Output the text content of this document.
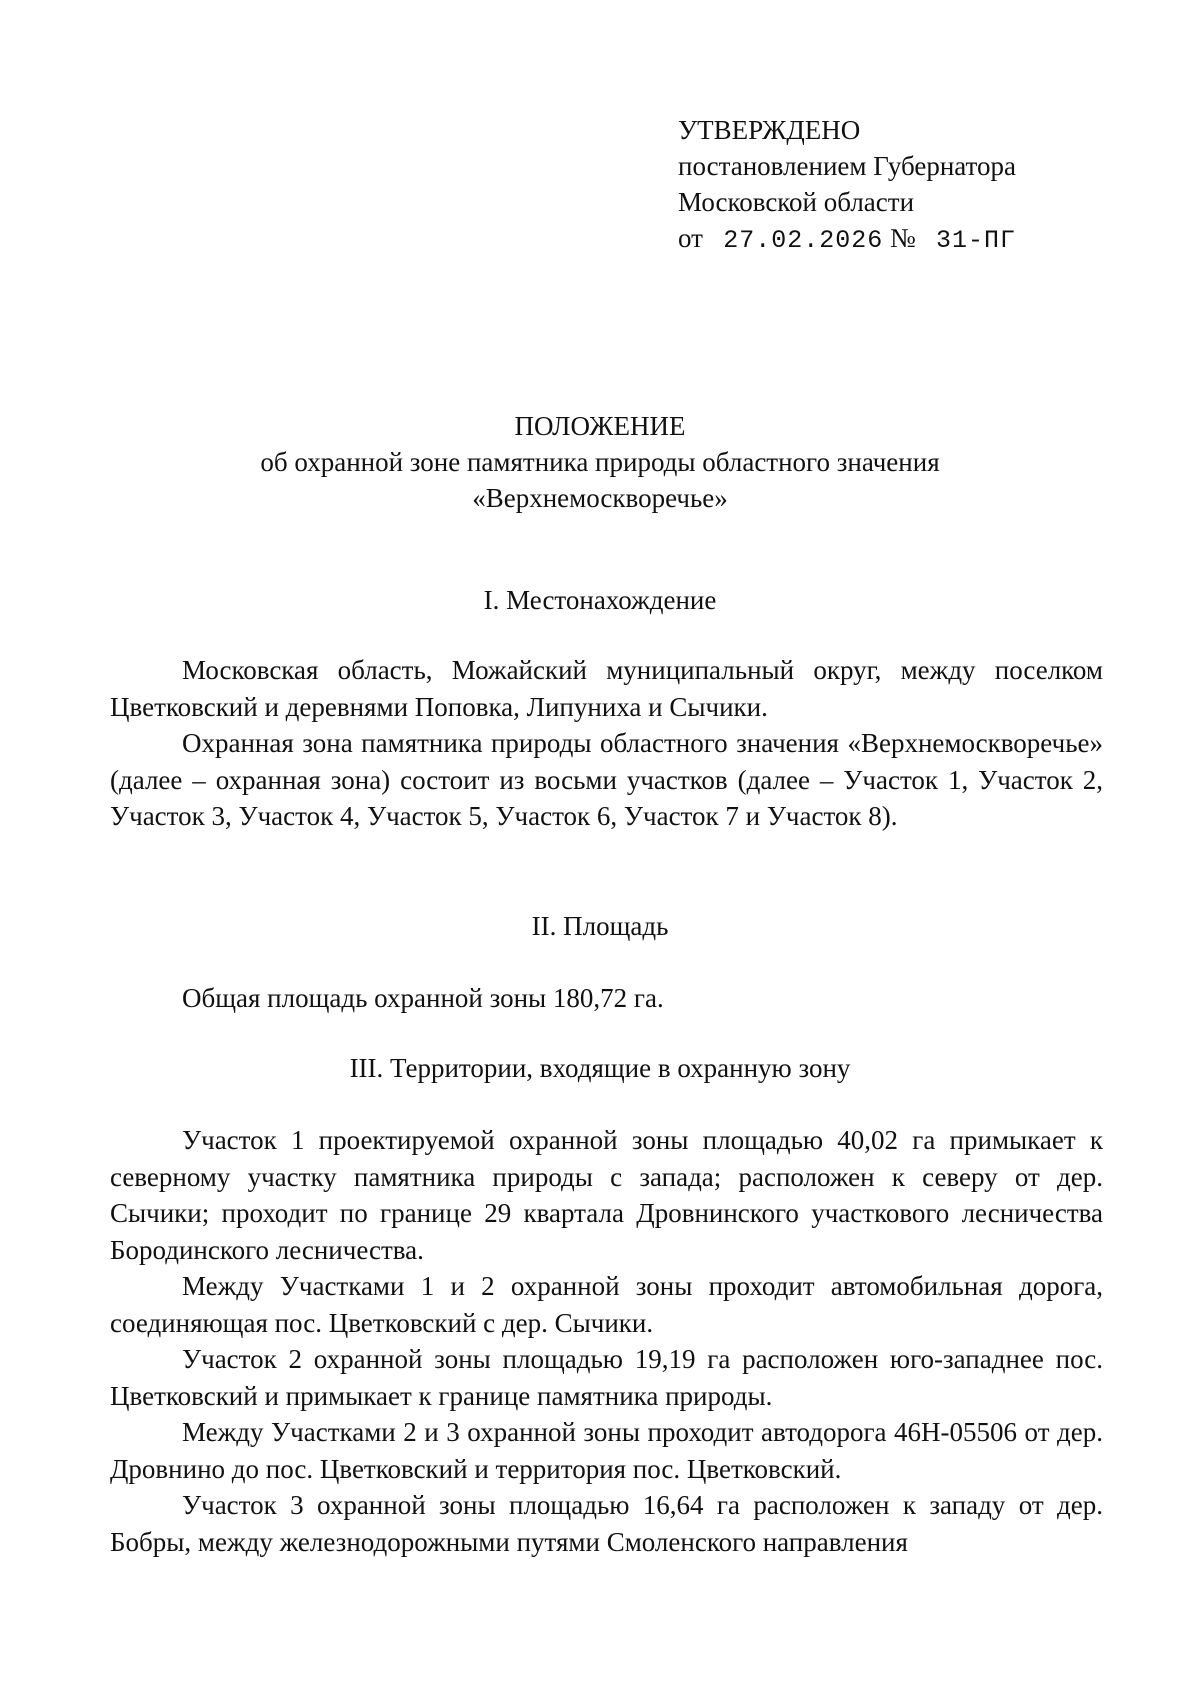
УТВЕРЖДЕНО
постановлением Губернатора
Московской области
от 27.02.2026 № 31-ПГ
ПОЛОЖЕНИЕ
об охранной зоне памятника природы областного значения
«Верхнемоскворечье»
I. Местонахождение

Московская область, Можайский муниципальный округ, между поселком Цветковский и деревнями Поповка, Липуниха и Сычики.

Охранная зона памятника природы областного значения «Верхнемоскворечье» (далее – охранная зона) состоит из восьми участков (далее – Участок 1, Участок 2, Участок 3, Участок 4, Участок 5, Участок 6, Участок 7 и Участок 8).

II. Площадь

Общая площадь охранной зоны 180,72 га.

III. Территории, входящие в охранную зону

Участок 1 проектируемой охранной зоны площадью 40,02 га примыкает к северному участку памятника природы с запада; расположен к северу от дер. Сычики; проходит по границе 29 квартала Дровнинского участкового лесничества Бородинского лесничества.

Между Участками 1 и 2 охранной зоны проходит автомобильная дорога, соединяющая пос. Цветковский с дер. Сычики.

Участок 2 охранной зоны площадью 19,19 га расположен юго-западнее пос. Цветковский и примыкает к границе памятника природы.

Между Участками 2 и 3 охранной зоны проходит автодорога 46Н-05506 от дер. Дровнино до пос. Цветковский и территория пос. Цветковский.

Участок 3 охранной зоны площадью 16,64 га расположен к западу от дер. Бобры, между железнодорожными путями Смоленского направления
